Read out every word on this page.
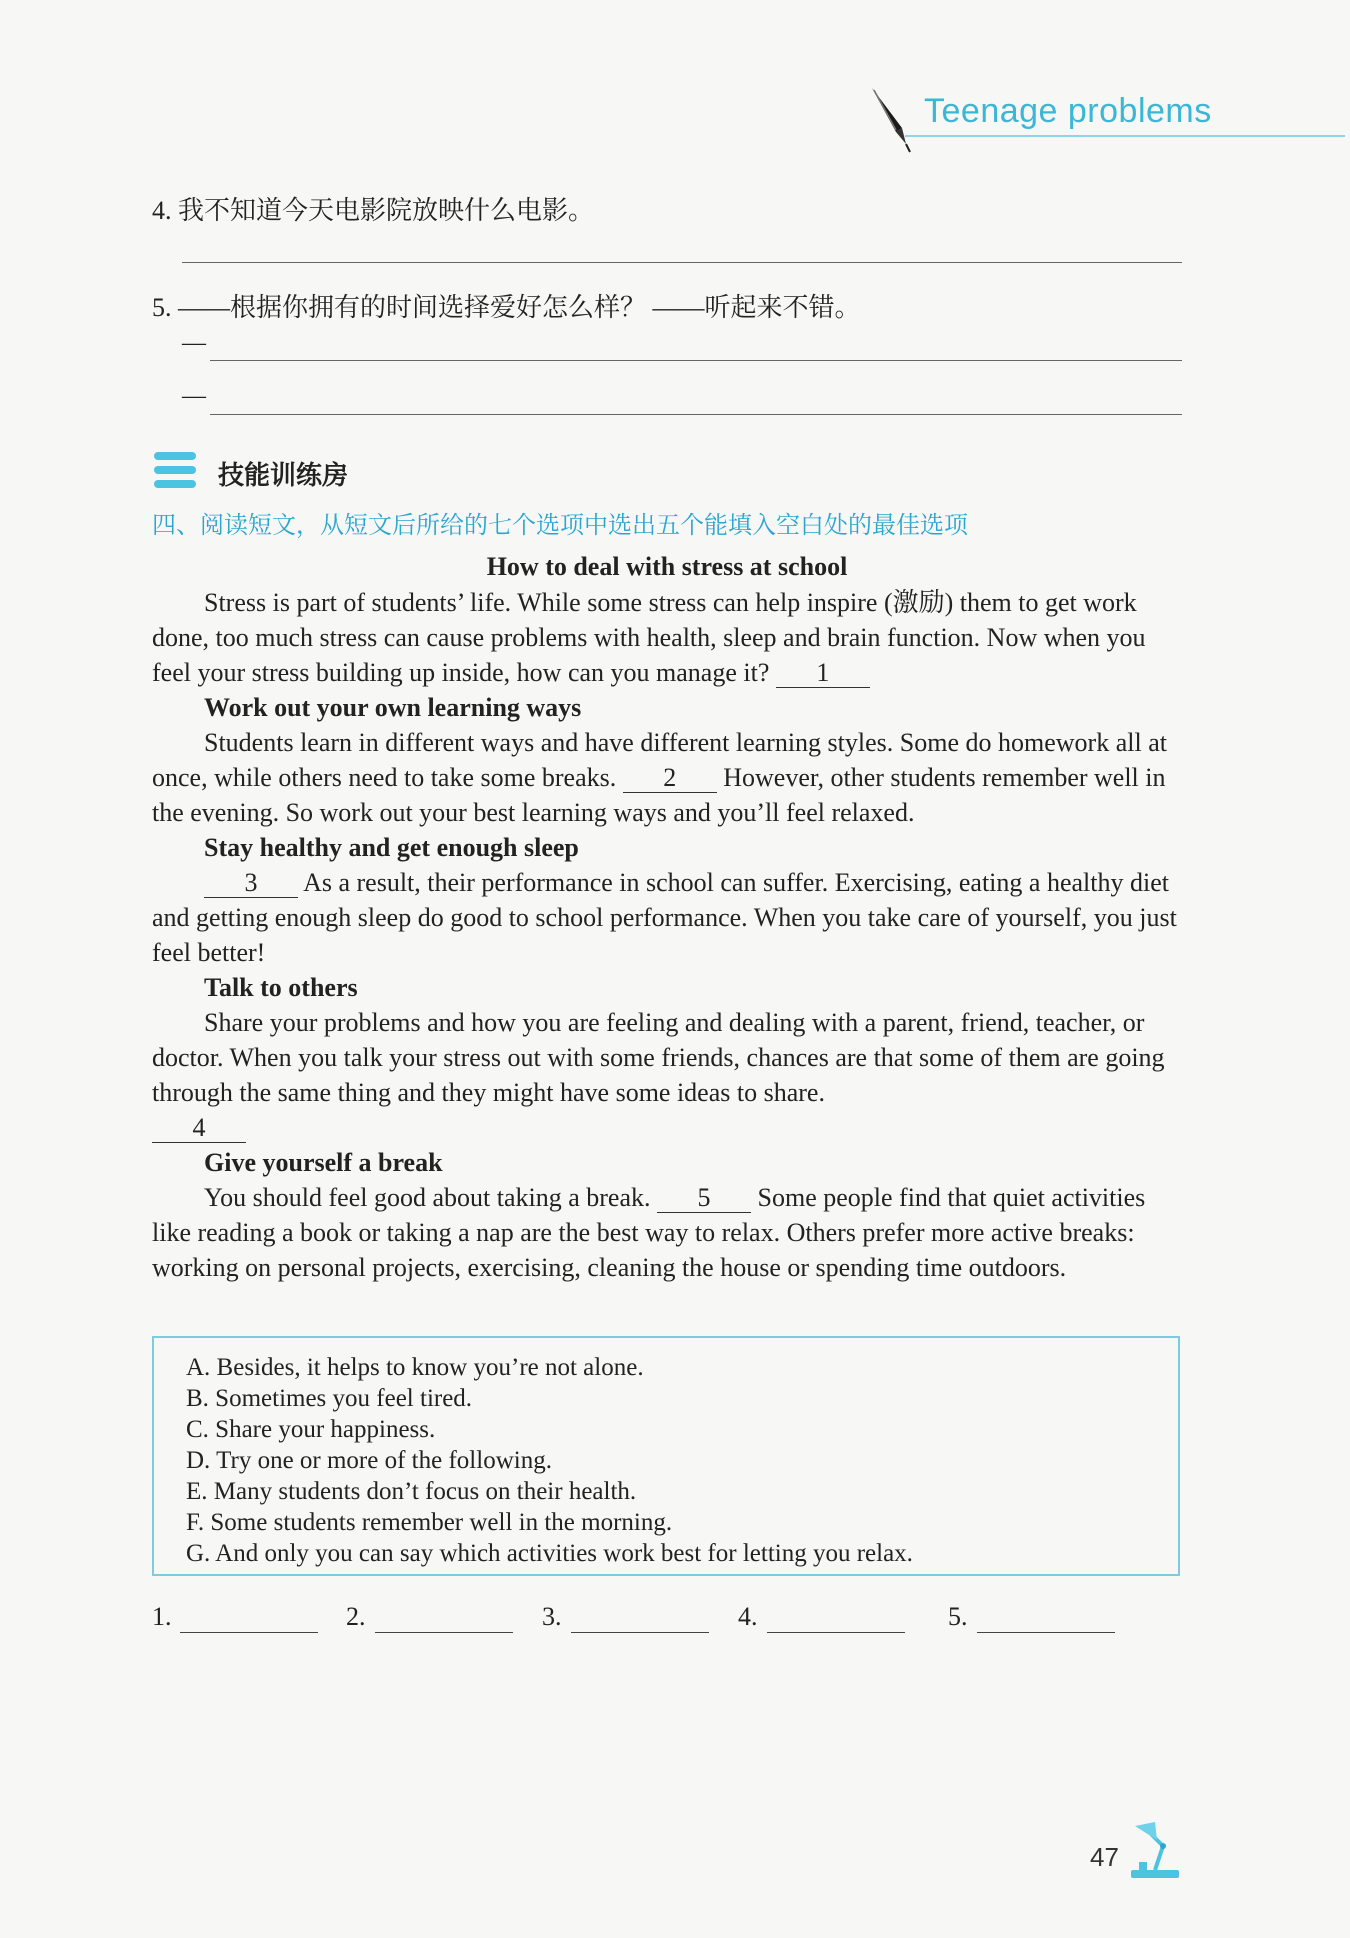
Teenage problems
4. 我不知道今天电影院放映什么电影。
5. ——根据你拥有的时间选择爱好怎么样？ ——听起来不错。
—
—
技能训练房
四、阅读短文，从短文后所给的七个选项中选出五个能填入空白处的最佳选项
How to deal with stress at school

Stress is part of students’ life. While some stress can help inspire (激励) them to get work done, too much stress can cause problems with health, sleep and brain function. Now when you feel your stress building up inside, how can you manage it? 1

Work out your own learning ways

Students learn in different ways and have different learning styles. Some do homework all at once, while others need to take some breaks. 2 However, other students remember well in the evening. So work out your best learning ways and you’ll feel relaxed.

Stay healthy and get enough sleep

3 As a result, their performance in school can suffer. Exercising, eating a healthy diet and getting enough sleep do good to school performance. When you take care of yourself, you just feel better!

Talk to others

Share your problems and how you are feeling and dealing with a parent, friend, teacher, or doctor. When you talk your stress out with some friends, chances are that some of them are going through the same thing and they might have some ideas to share.

4
Give yourself a break

You should feel good about taking a break. 5 Some people find that quiet activities like reading a book or taking a nap are the best way to relax. Others prefer more active breaks: working on personal projects, exercising, cleaning the house or spending time outdoors.

A. Besides, it helps to know you’re not alone.
B. Sometimes you feel tired.
C. Share your happiness.
D. Try one or more of the following.
E. Many students don’t focus on their health.
F. Some students remember well in the morning.
G. And only you can say which activities work best for letting you relax.
1.	2.	3.	4.	5.
47
